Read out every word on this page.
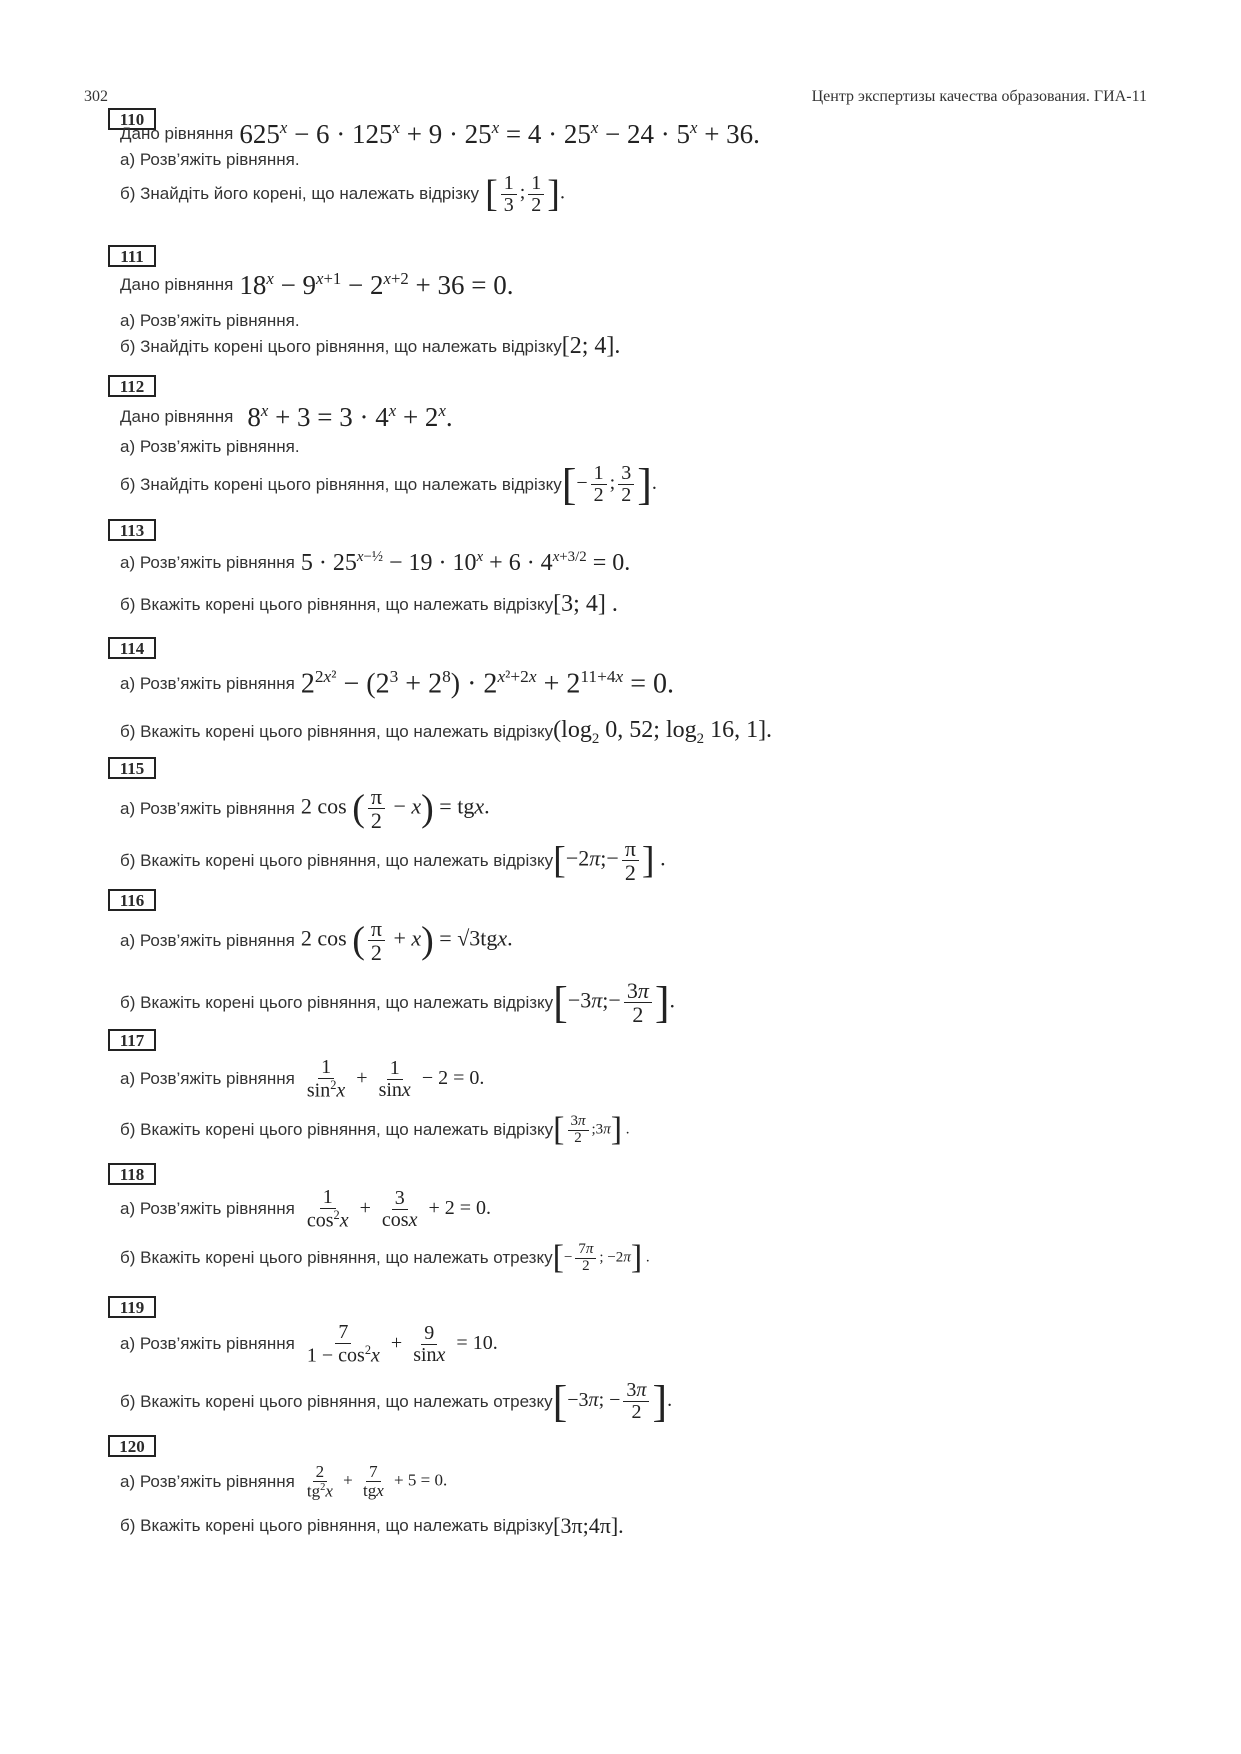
302	Центр экспертизы качества образования. ГИА-11
110
Дано рівняння $625^x - 6 \cdot 125^x + 9 \cdot 25^x = 4 \cdot 25^x - 24 \cdot 5^x + 36$.
а) Розв’яжіть рівняння.
б) Знайдіть його корені, що належать відрізку [ $\frac{1}{3}$ ; $\frac{1}{2}$ ].
111
Дано рівняння $18^x - 9^{x+1} - 2^{x+2} + 36 = 0$.
а) Розв’яжіть рівняння.
б) Знайдіть корені цього рівняння, що належать відрізку [2; 4].
112
Дано рівняння $8^x + 3 = 3 \cdot 4^x + 2^x$.
а) Розв’яжіть рівняння.
б) Знайдіть корені цього рівняння, що належать відрізку [− $\frac{1}{2}$ ; $\frac{3}{2}$ ].
113
а) Розв’яжіть рівняння $5 \cdot 25^{x-\frac{1}{2}} - 19 \cdot 10^x + 6 \cdot 4^{x+3/2} = 0$.
б) Вкажіть корені цього рівняння, що належать відрізку [3; 4] .
114
а) Розв’яжіть рівняння $2^{2x^2} - (2^3 + 2^8) \cdot 2^{x^2+2x} + 2^{11+4x} = 0$.
б) Вкажіть корені цього рівняння, що належать відрізку ($\log_2$ 0, 52; $\log_2 16$, 1].
115
а) Розв’яжіть рівняння 2 cos ( $\frac{\pi}{2} - x$) = tgx.
б) Вкажіть корені цього рівняння, що належать відрізку [−2π;− $\frac{\pi}{2}$ ] .
116
а) Розв’яжіть рівняння 2 cos ( $\frac{\pi}{2} + x) = √3tgx$.
б) Вкажіть корені цього рівняння, що належать відрізку [−3π;− $\frac{3\pi}{2}$ ].
117
а) Розв’яжіть рівняння $\frac{1}{\sin^2x} + \frac{1}{\sin x} - 2 = 0$.
б) Вкажіть корені цього рівняння, що належать відрізку [ $\frac{3\pi}{2}$ ;3π] .
118
а) Розв’яжіть рівняння $\frac{1}{\cos^2x} + \frac{3}{\cos x} + 2 = 0$.
б) Вкажіть корені цього рівняння, що належать отрезку [− $\frac{7\pi}{2}$ ; −2π] .
119
а) Розв’яжіть рівняння $\frac{7}{1 - \cos^2x} + \frac{9}{\sin x} = 10$.
б) Вкажіть корені цього рівняння, що належать отрезку [−3π; − $\frac{3\pi}{2}$ ].
120
а) Розв’яжіть рівняння $\frac{2}{tg^2x} + \frac{7}{\text{tgx}} + 5 = 0$.
б) Вкажіть корені цього рівняння, що належать відрізку [3π;4π].
